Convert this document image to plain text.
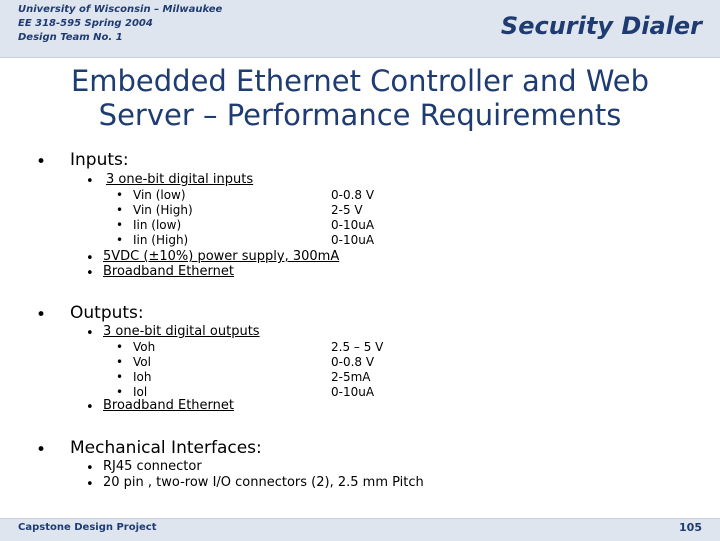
University of Wisconsin – Milwaukee
EE 318-595 Spring 2004
Design Team No. 1	Security Dialer
Embedded Ethernet Controller and Web
Server – Performance Requirements
• Inputs:
• 3 one-bit digital inputs
•
•
•
•
Vin (low)
Vin (High)
Iin (low)
Iin (High)
0-0.8 V
2-5 V
0-10uA
0-10uA
• 5VDC (±10%) power supply, 300mA
• Broadband Ethernet
• Outputs:
• 3 one-bit digital outputs
•
•
•
•
Voh
Vol
Ioh
Iol
2.5 – 5 V
0-0.8 V
2-5mA
0-10uA
• Broadband Ethernet
• Mechanical Interfaces:
• RJ45 connector
• 20 pin , two-row I/O connectors (2), 2.5 mm Pitch
Capstone Design Project	105
